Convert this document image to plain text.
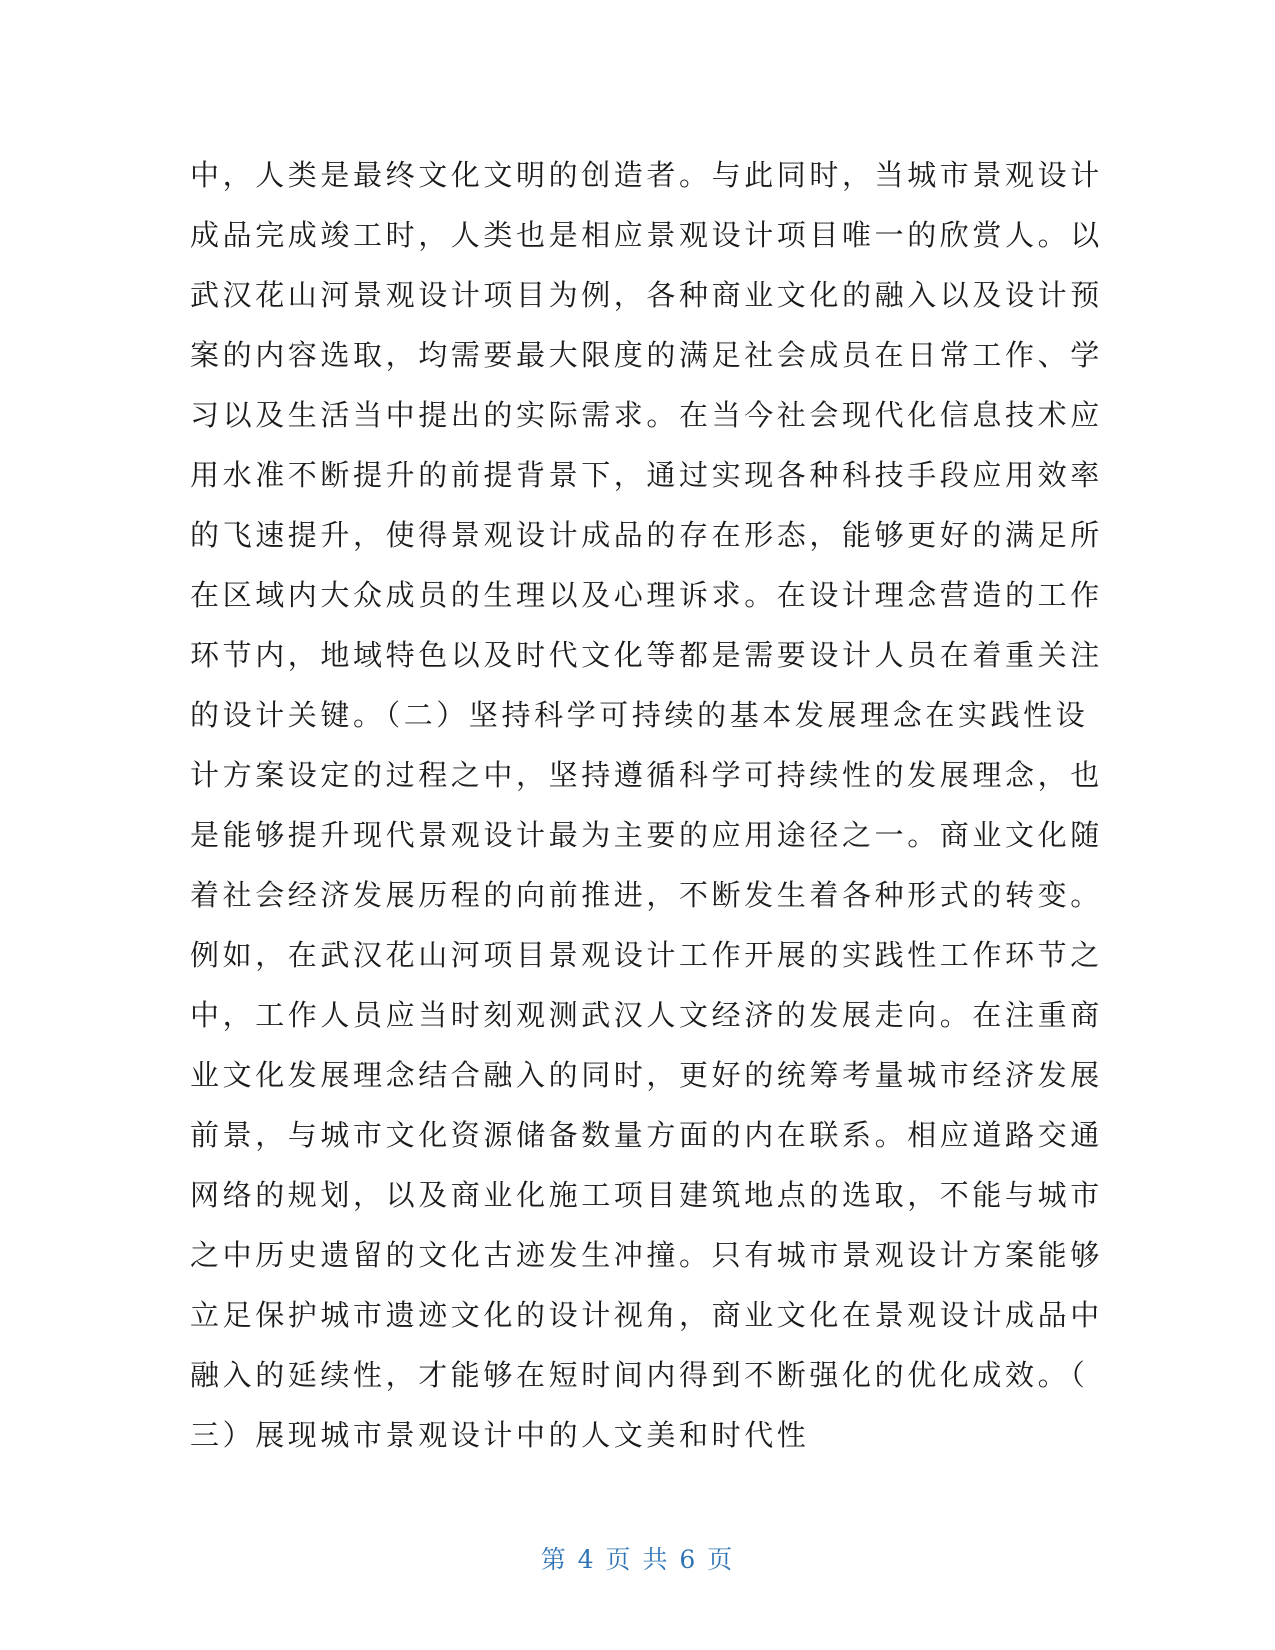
中，人类是最终文化文明的创造者。与此同时，当城市景观设计
成品完成竣工时，人类也是相应景观设计项目唯一的欣赏人。以
武汉花山河景观设计项目为例，各种商业文化的融入以及设计预
案的内容选取，均需要最大限度的满足社会成员在日常工作、学
习以及生活当中提出的实际需求。在当今社会现代化信息技术应
用水准不断提升的前提背景下，通过实现各种科技手段应用效率
的飞速提升，使得景观设计成品的存在形态，能够更好的满足所
在区域内大众成员的生理以及心理诉求。在设计理念营造的工作
环节内，地域特色以及时代文化等都是需要设计人员在着重关注
的设计关键。（二）坚持科学可持续的基本发展理念在实践性设
计方案设定的过程之中，坚持遵循科学可持续性的发展理念，也
是能够提升现代景观设计最为主要的应用途径之一。商业文化随
着社会经济发展历程的向前推进，不断发生着各种形式的转变。
例如，在武汉花山河项目景观设计工作开展的实践性工作环节之
中，工作人员应当时刻观测武汉人文经济的发展走向。在注重商
业文化发展理念结合融入的同时，更好的统筹考量城市经济发展
前景，与城市文化资源储备数量方面的内在联系。相应道路交通
网络的规划，以及商业化施工项目建筑地点的选取，不能与城市
之中历史遗留的文化古迹发生冲撞。只有城市景观设计方案能够
立足保护城市遗迹文化的设计视角，商业文化在景观设计成品中
融入的延续性，才能够在短时间内得到不断强化的优化成效。（
三）展现城市景观设计中的人文美和时代性
第 4 页 共 6 页
